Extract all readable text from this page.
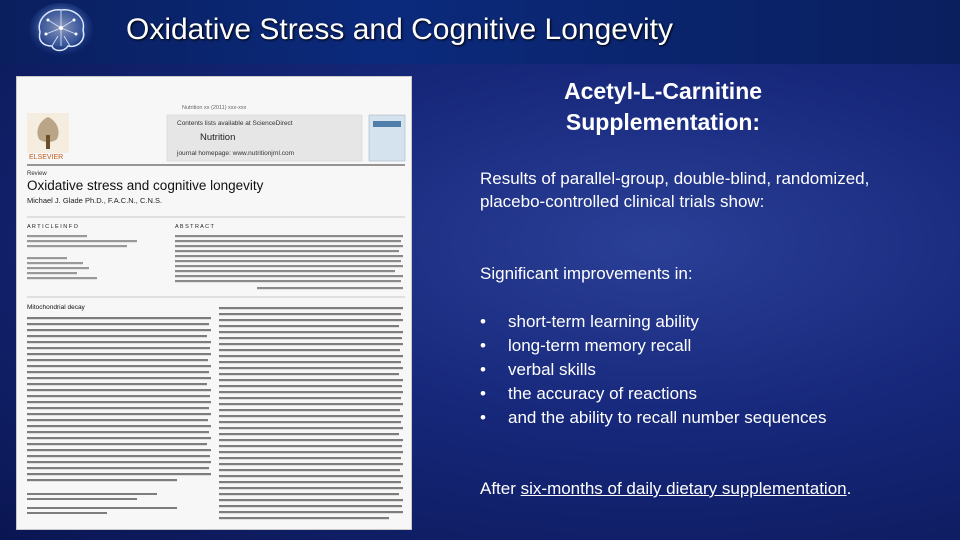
Oxidative Stress and Cognitive Longevity
Nutrition xx (2011) xxx-xxx
Contents lists available at ScienceDirect
Nutrition
journal homepage: www.nutritionjrnl.com
ELSEVIER
Review
Oxidative stress and cognitive longevity
Michael J. Glade Ph.D., F.A.C.N., C.N.S.
A R T I C L E I N F O	A B S T R A C T
Mitochondrial decay
Acetyl-L-Carnitine
Supplementation:
Results of parallel-group, double-blind, randomized, placebo-controlled clinical trials show:
Significant improvements in:
• short-term learning ability
• long-term memory recall
• verbal skills
• the accuracy of reactions
• and the ability to recall number sequences
After six-months of daily dietary supplementation.
